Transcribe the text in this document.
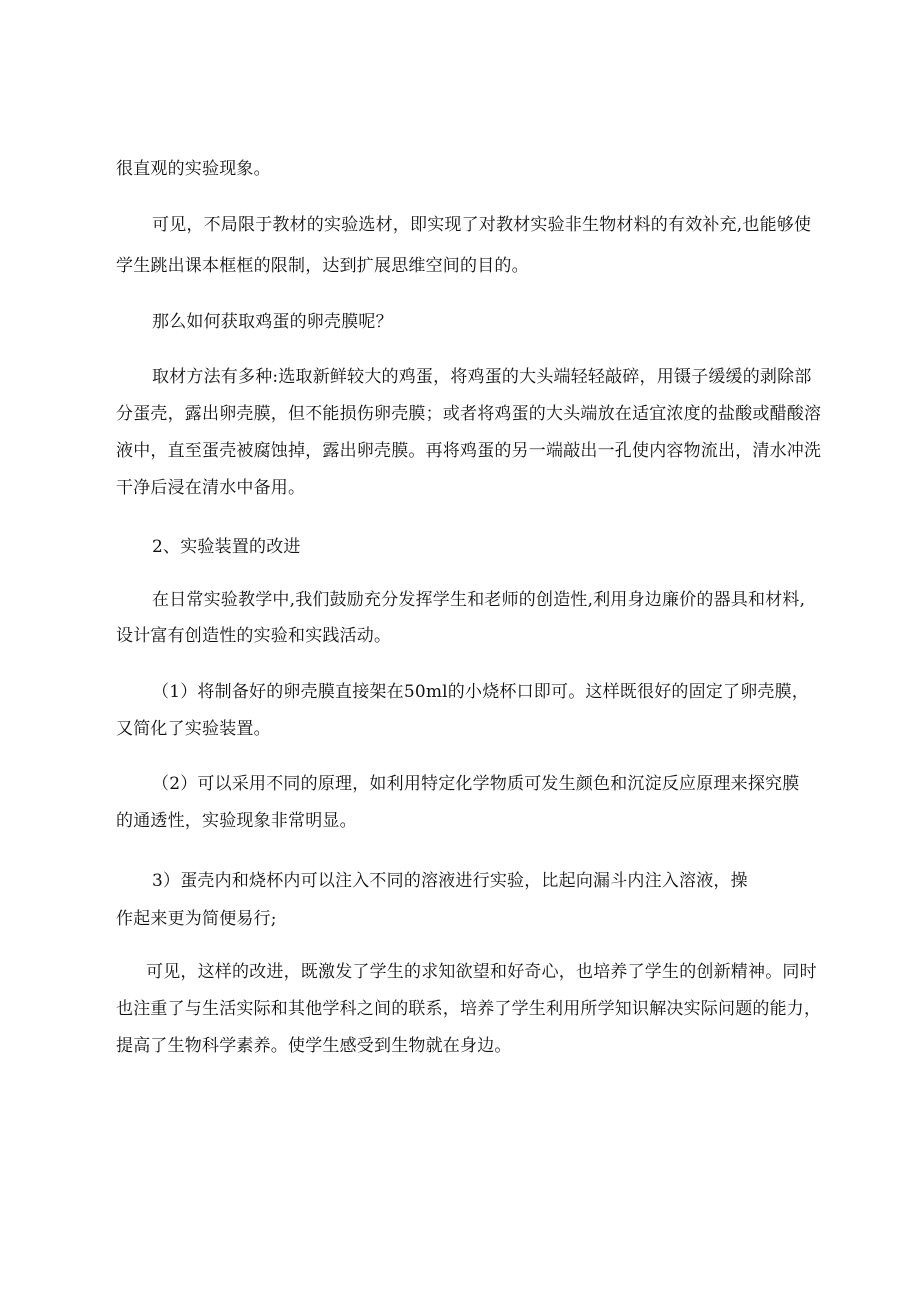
很直观的实验现象。
可见，不局限于教材的实验选材，即实现了对教材实验非生物材料的有效补充,也能够使
学生跳出课本框框的限制，达到扩展思维空间的目的。
那么如何获取鸡蛋的卵壳膜呢？
取材方法有多种:选取新鲜较大的鸡蛋，将鸡蛋的大头端轻轻敲碎，用镊子缓缓的剥除部
分蛋壳，露出卵壳膜，但不能损伤卵壳膜；或者将鸡蛋的大头端放在适宜浓度的盐酸或醋酸溶
液中，直至蛋壳被腐蚀掉，露出卵壳膜。再将鸡蛋的另一端敲出一孔使内容物流出，清水冲洗
干净后浸在清水中备用。
2、实验装置的改进
在日常实验教学中,我们鼓励充分发挥学生和老师的创造性,利用身边廉价的器具和材料,
设计富有创造性的实验和实践活动。
（1）将制备好的卵壳膜直接架在50ml的小烧杯口即可。这样既很好的固定了卵壳膜，
又简化了实验装置。
（2）可以采用不同的原理，如利用特定化学物质可发生颜色和沉淀反应原理来探究膜
的通透性，实验现象非常明显。
3）蛋壳内和烧杯内可以注入不同的溶液进行实验，比起向漏斗内注入溶液，操
作起来更为简便易行;
可见，这样的改进，既激发了学生的求知欲望和好奇心，也培养了学生的创新精神。同时
也注重了与生活实际和其他学科之间的联系，培养了学生利用所学知识解决实际问题的能力，
提高了生物科学素养。使学生感受到生物就在身边。
